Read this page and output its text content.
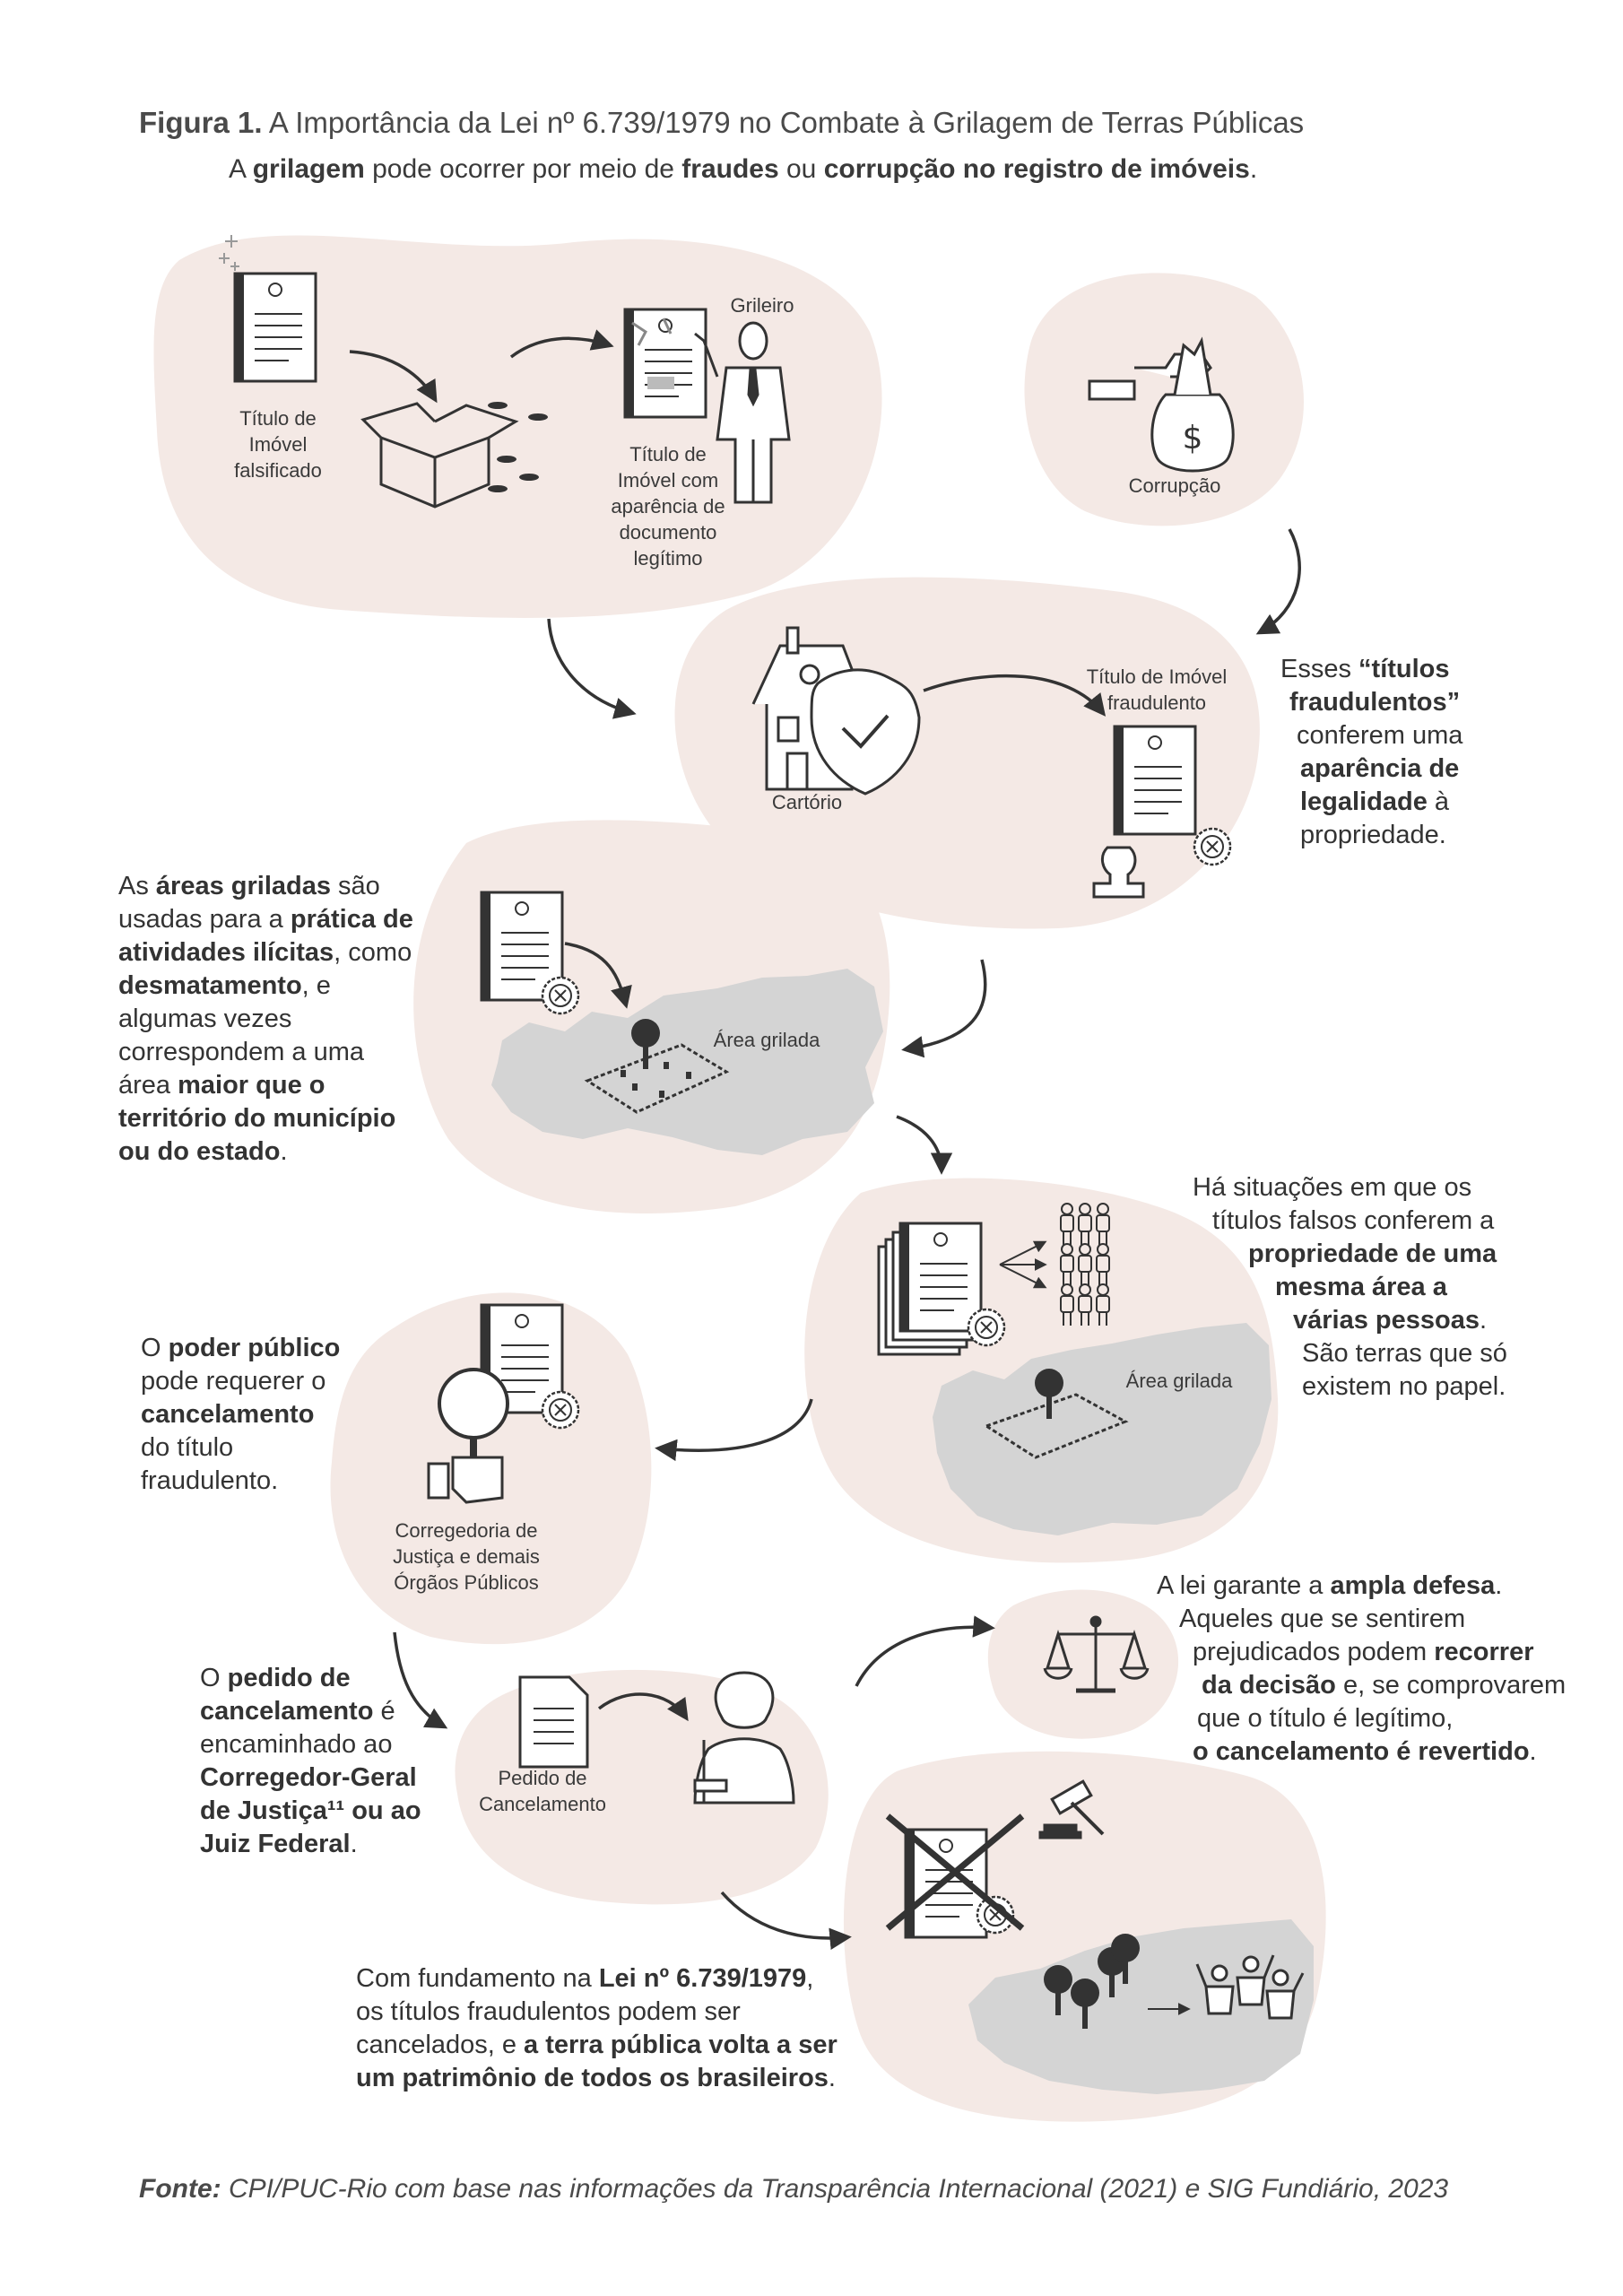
$

Figura 1. A Importância da Lei nº 6.739/1979 no Combate à Grilagem de Terras Públicas

A grilagem pode ocorrer por meio de fraudes ou corrupção no registro de imóveis.

Título de
Imóvel
falsificado
Grileiro
Título de
Imóvel com
aparência de
documento
legítimo
Corrupção
Cartório
Título de Imóvel
fraudulento
Área grilada
Área grilada
Corregedoria de
Justiça e demais
Órgãos Públicos
Pedido de
Cancelamento
Esses “títulos
fraudulentos”
conferem uma
aparência de
legalidade à
propriedade.
As áreas griladas são
usadas para a prática de
atividades ilícitas, como
desmatamento, e
algumas vezes
correspondem a uma
área maior que o
território do município
ou do estado.
Há situações em que os
títulos falsos conferem a
propriedade de uma
mesma área a
várias pessoas.
São terras que só
existem no papel.
O poder público
pode requerer o
cancelamento
do título
fraudulento.
A lei garante a ampla defesa.
Aqueles que se sentirem
prejudicados podem recorrer
da decisão e, se comprovarem
que o título é legítimo,
o cancelamento é revertido.
O pedido de
cancelamento é
encaminhado ao
Corregedor-Geral
de Justiça¹¹ ou ao
Juiz Federal.
Com fundamento na Lei nº 6.739/1979,
os títulos fraudulentos podem ser
cancelados, e a terra pública volta a ser
um patrimônio de todos os brasileiros.

Fonte: CPI/PUC-Rio com base nas informações da Transparência Internacional (2021) e SIG Fundiário, 2023
